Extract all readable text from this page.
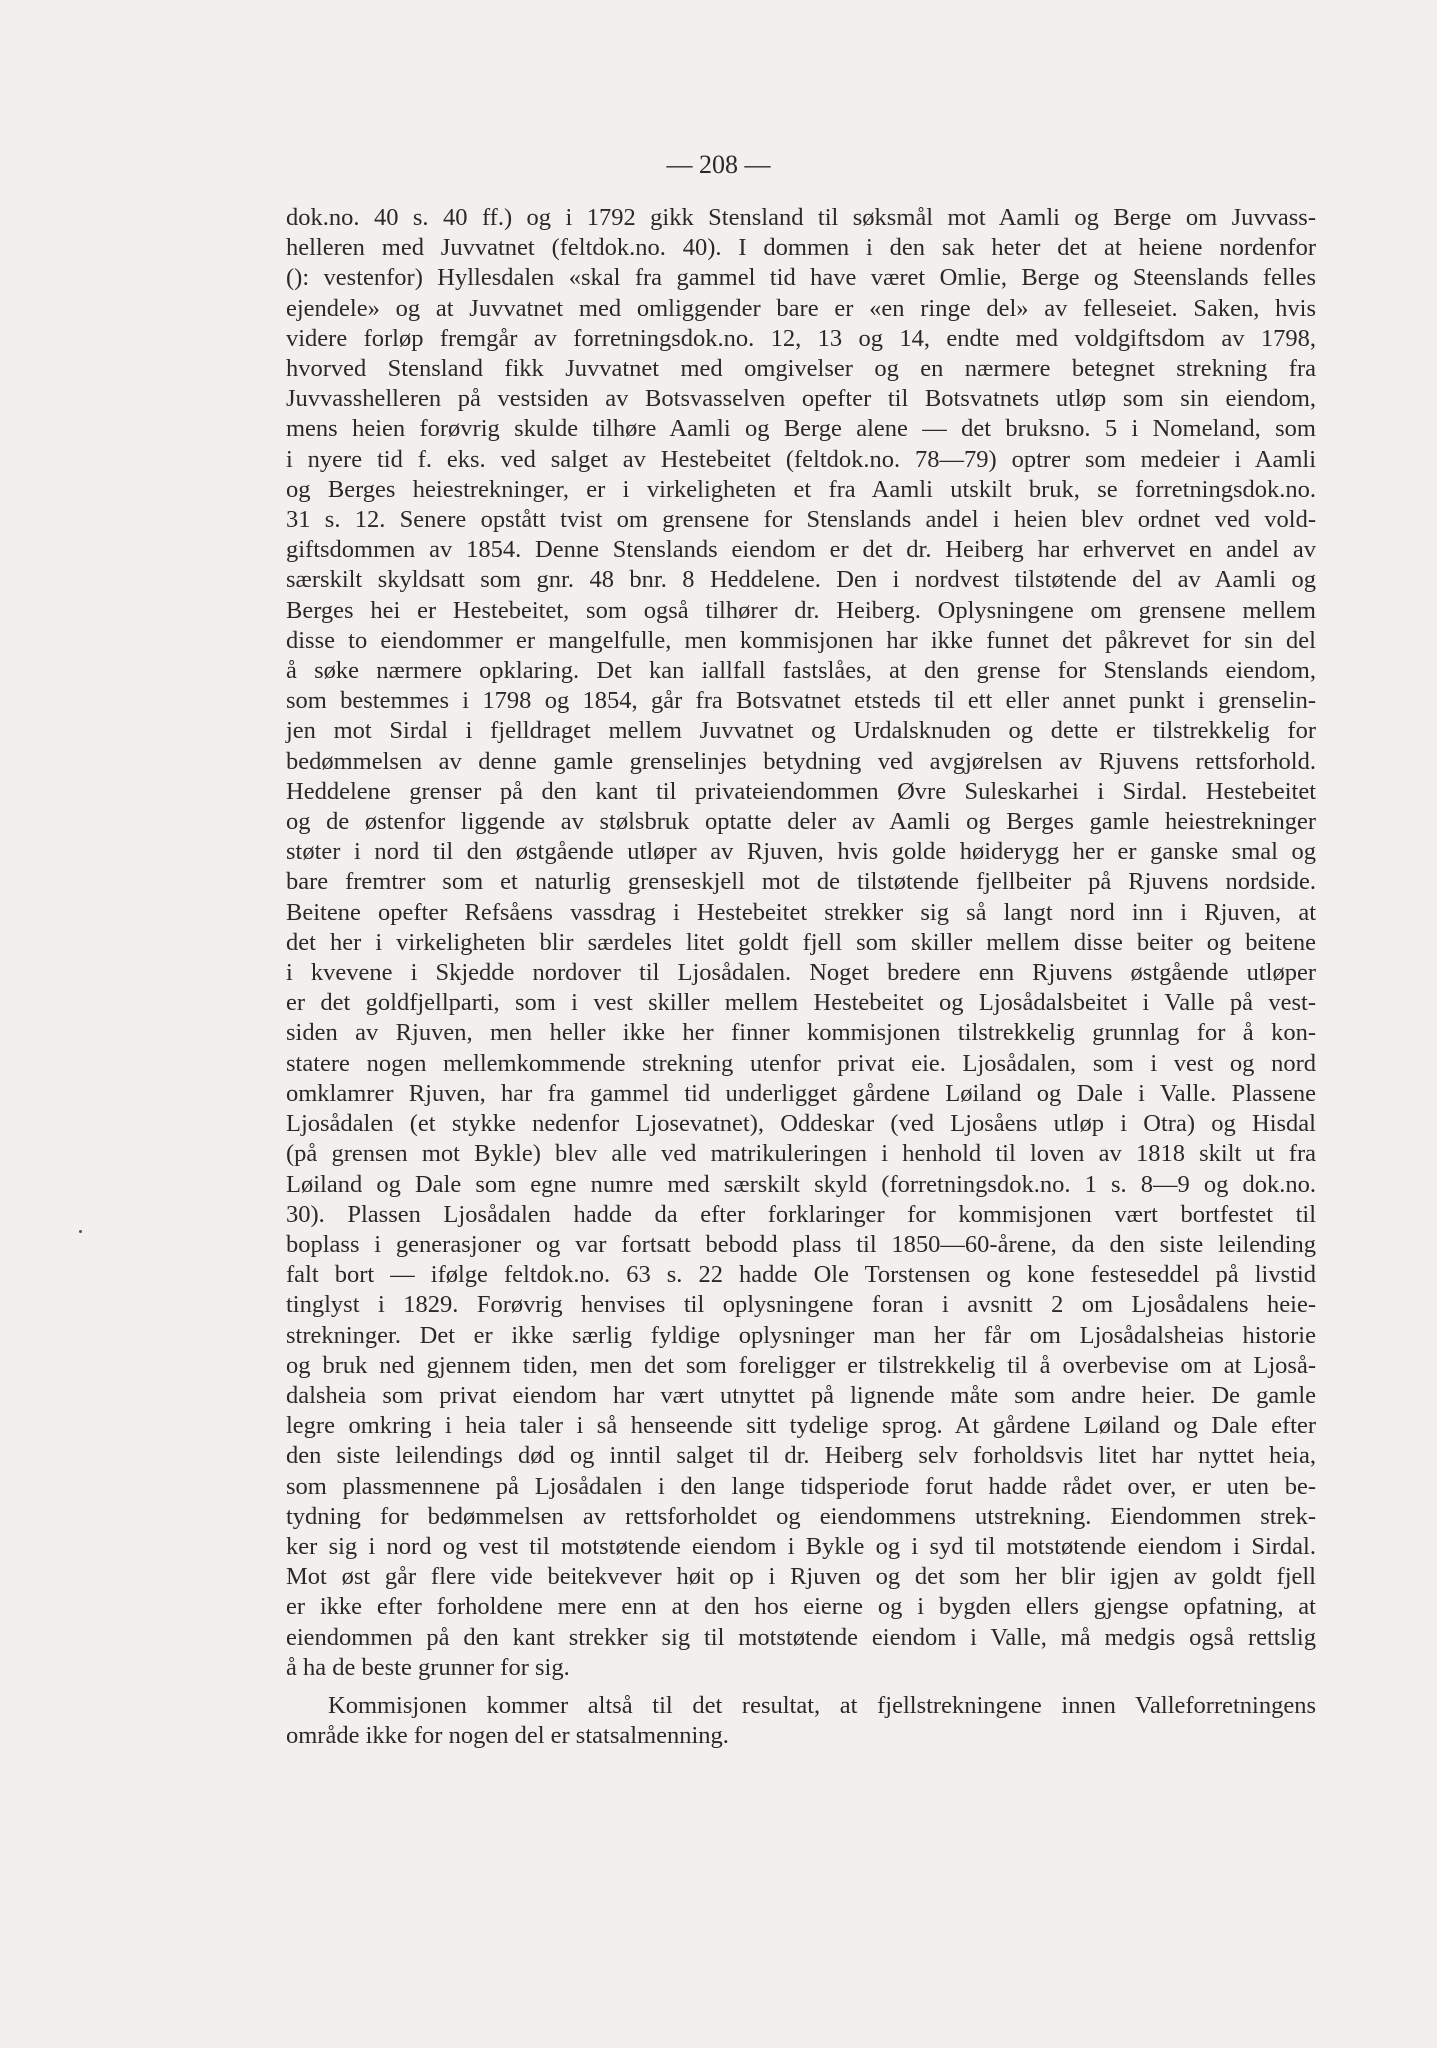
— 208 —
dok.no. 40 s. 40 ff.) og i 1792 gikk Stensland til søksmål mot Aamli og Berge om Juvvass-
helleren med Juvvatnet (feltdok.no. 40). I dommen i den sak heter det at heiene nordenfor
(): vestenfor) Hyllesdalen «skal fra gammel tid have været Omlie, Berge og Steenslands felles
ejendele» og at Juvvatnet med omliggender bare er «en ringe del» av felleseiet. Saken, hvis
videre forløp fremgår av forretningsdok.no. 12, 13 og 14, endte med voldgiftsdom av 1798,
hvorved Stensland fikk Juvvatnet med omgivelser og en nærmere betegnet strekning fra
Juvvasshelleren på vestsiden av Botsvasselven opefter til Botsvatnets utløp som sin eiendom,
mens heien forøvrig skulde tilhøre Aamli og Berge alene — det bruksno. 5 i Nomeland, som
i nyere tid f. eks. ved salget av Hestebeitet (feltdok.no. 78—79) optrer som medeier i Aamli
og Berges heiestrekninger, er i virkeligheten et fra Aamli utskilt bruk, se forretningsdok.no.
31 s. 12. Senere opstått tvist om grensene for Stenslands andel i heien blev ordnet ved vold-
giftsdommen av 1854. Denne Stenslands eiendom er det dr. Heiberg har erhvervet en andel av
særskilt skyldsatt som gnr. 48 bnr. 8 Heddelene. Den i nordvest tilstøtende del av Aamli og
Berges hei er Hestebeitet, som også tilhører dr. Heiberg. Oplysningene om grensene mellem
disse to eiendommer er mangelfulle, men kommisjonen har ikke funnet det påkrevet for sin del
å søke nærmere opklaring. Det kan iallfall fastslåes, at den grense for Stenslands eiendom,
som bestemmes i 1798 og 1854, går fra Botsvatnet etsteds til ett eller annet punkt i grenselin-
jen mot Sirdal i fjelldraget mellem Juvvatnet og Urdalsknuden og dette er tilstrekkelig for
bedømmelsen av denne gamle grenselinjes betydning ved avgjørelsen av Rjuvens rettsforhold.
Heddelene grenser på den kant til privateiendommen Øvre Suleskarhei i Sirdal. Hestebeitet
og de østenfor liggende av stølsbruk optatte deler av Aamli og Berges gamle heiestrekninger
støter i nord til den østgående utløper av Rjuven, hvis golde høiderygg her er ganske smal og
bare fremtrer som et naturlig grenseskjell mot de tilstøtende fjellbeiter på Rjuvens nordside.
Beitene opefter Refsåens vassdrag i Hestebeitet strekker sig så langt nord inn i Rjuven, at
det her i virkeligheten blir særdeles litet goldt fjell som skiller mellem disse beiter og beitene
i kvevene i Skjedde nordover til Ljosådalen. Noget bredere enn Rjuvens østgående utløper
er det goldfjellparti, som i vest skiller mellem Hestebeitet og Ljosådalsbeitet i Valle på vest-
siden av Rjuven, men heller ikke her finner kommisjonen tilstrekkelig grunnlag for å kon-
statere nogen mellemkommende strekning utenfor privat eie. Ljosådalen, som i vest og nord
omklamrer Rjuven, har fra gammel tid underligget gårdene Løiland og Dale i Valle. Plassene
Ljosådalen (et stykke nedenfor Ljosevatnet), Oddeskar (ved Ljosåens utløp i Otra) og Hisdal
(på grensen mot Bykle) blev alle ved matrikuleringen i henhold til loven av 1818 skilt ut fra
Løiland og Dale som egne numre med særskilt skyld (forretningsdok.no. 1 s. 8—9 og dok.no.
30). Plassen Ljosådalen hadde da efter forklaringer for kommisjonen vært bortfestet til
boplass i generasjoner og var fortsatt bebodd plass til 1850—60-årene, da den siste leilending
falt bort — ifølge feltdok.no. 63 s. 22 hadde Ole Torstensen og kone festeseddel på livstid
tinglyst i 1829. Forøvrig henvises til oplysningene foran i avsnitt 2 om Ljosådalens heie-
strekninger. Det er ikke særlig fyldige oplysninger man her får om Ljosådalsheias historie
og bruk ned gjennem tiden, men det som foreligger er tilstrekkelig til å overbevise om at Ljoså-
dalsheia som privat eiendom har vært utnyttet på lignende måte som andre heier. De gamle
legre omkring i heia taler i så henseende sitt tydelige sprog. At gårdene Løiland og Dale efter
den siste leilendings død og inntil salget til dr. Heiberg selv forholdsvis litet har nyttet heia,
som plassmennene på Ljosådalen i den lange tidsperiode forut hadde rådet over, er uten be-
tydning for bedømmelsen av rettsforholdet og eiendommens utstrekning. Eiendommen strek-
ker sig i nord og vest til motstøtende eiendom i Bykle og i syd til motstøtende eiendom i Sirdal.
Mot øst går flere vide beitekvever høit op i Rjuven og det som her blir igjen av goldt fjell
er ikke efter forholdene mere enn at den hos eierne og i bygden ellers gjengse opfatning, at
eiendommen på den kant strekker sig til motstøtende eiendom i Valle, må medgis også rettslig
å ha de beste grunner for sig.
Kommisjonen kommer altså til det resultat, at fjellstrekningene innen Valleforretningens
område ikke for nogen del er statsalmenning.
